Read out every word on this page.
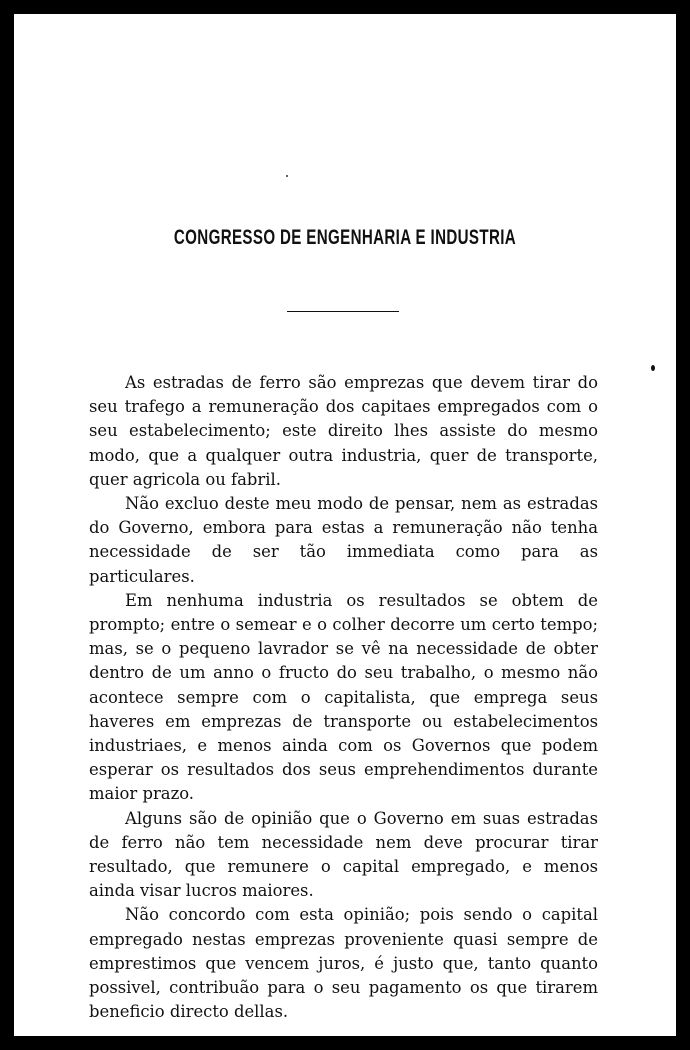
CONGRESSO DE ENGENHARIA E INDUSTRIA

As estradas de ferro são emprezas que devem tirar do seu trafego a remuneração dos capitaes empregados com o seu estabelecimento; este direito lhes assiste do mesmo modo, que a qualquer outra industria, quer de transporte, quer agricola ou fabril.

Não excluo deste meu modo de pensar, nem as estradas do Governo, embora para estas a remuneração não tenha necessidade de ser tão immediata como para as particulares.

Em nenhuma industria os resultados se obtem de prompto; entre o semear e o colher decorre um certo tempo; mas, se o pequeno lavrador se vê na necessidade de obter dentro de um anno o fructo do seu trabalho, o mesmo não acontece sempre com o capitalista, que emprega seus haveres em emprezas de transporte ou estabelecimentos industriaes, e menos ainda com os Governos que podem esperar os resultados dos seus emprehendimentos durante maior prazo.

Alguns são de opinião que o Governo em suas estradas de ferro não tem necessidade nem deve procurar tirar resultado, que remunere o capital empregado, e menos ainda visar lucros maiores.

Não concordo com esta opinião; pois sendo o capital empregado nestas emprezas proveniente quasi sempre de emprestimos que vencem juros, é justo que, tanto quanto possivel, contribuão para o seu pagamento os que tirarem beneficio directo dellas.
